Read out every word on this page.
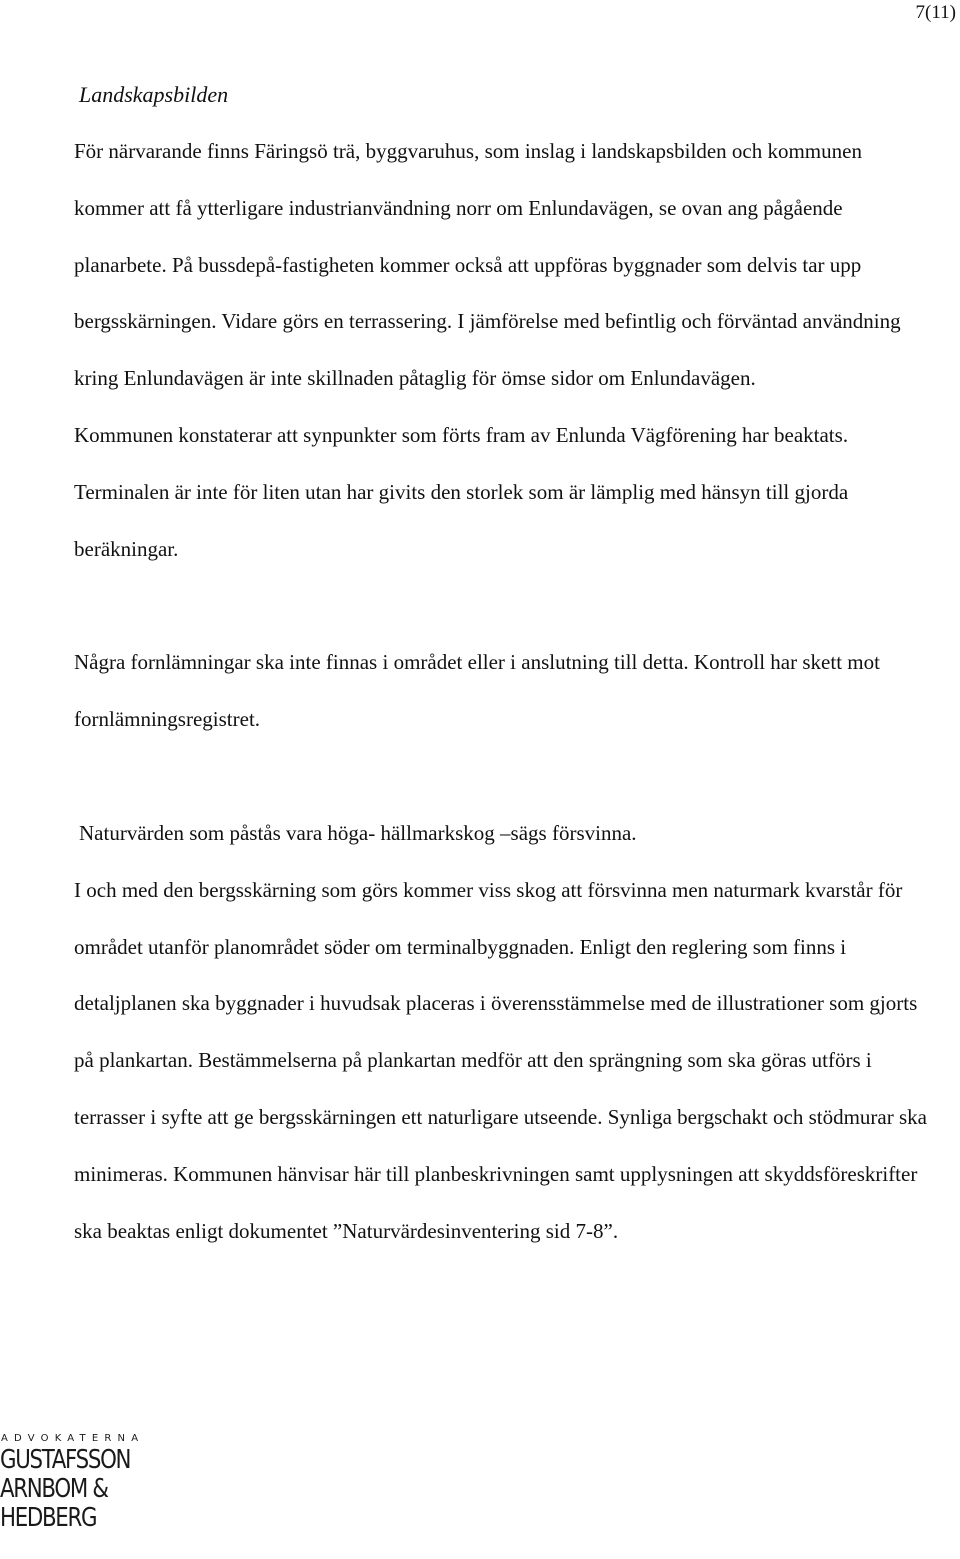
7(11)
Landskapsbilden

För närvarande finns Färingsö trä, byggvaruhus, som inslag i landskapsbilden och kommunen kommer att få ytterligare industrianvändning norr om Enlundavägen, se ovan ang pågående planarbete. På bussdepå-fastigheten kommer också att uppföras byggnader som delvis tar upp bergsskärningen. Vidare görs en terrassering. I jämförelse med befintlig och förväntad användning kring Enlundavägen är inte skillnaden påtaglig för ömse sidor om Enlundavägen.

Kommunen konstaterar att synpunkter som förts fram av Enlunda Vägförening har beaktats. Terminalen är inte för liten utan har givits den storlek som är lämplig med hänsyn till gjorda beräkningar.

Några fornlämningar ska inte finnas i området eller i anslutning till detta. Kontroll har skett mot fornlämningsregistret.

Naturvärden som påstås vara höga- hällmarkskog –sägs försvinna.

I och med den bergsskärning som görs kommer viss skog att försvinna men naturmark kvarstår för området utanför planområdet söder om terminalbyggnaden. Enligt den reglering som finns i detaljplanen ska byggnader i huvudsak placeras i överensstämmelse med de illustrationer som gjorts på plankartan. Bestämmelserna på plankartan medför att den sprängning som ska göras utförs i terrasser i syfte att ge bergsskärningen ett naturligare utseende. Synliga bergschakt och stödmurar ska minimeras. Kommunen hänvisar här till planbeskrivningen samt upplysningen att skyddsföreskrifter ska beaktas enligt dokumentet ”Naturvärdesinventering sid 7-8”.

ADVOKATERNA
GUSTAFSSON
ARNBOM &
HEDBERG
